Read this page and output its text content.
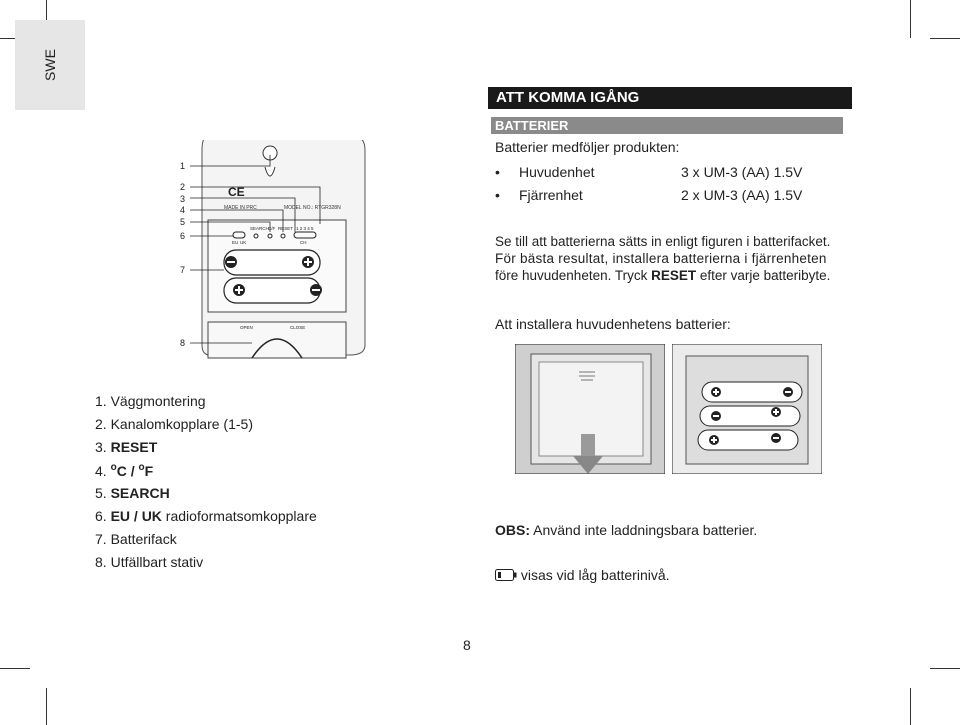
SWE
ATT KOMMA IGÅNG
BATTERIER
Batterier medföljer produkten:
• Huvudenhet	3 x UM-3 (AA) 1.5V
• Fjärrenhet	2 x UM-3 (AA) 1.5V
Se till att batterierna sätts in enligt figuren i batterifacket.
För bästa resultat, installera batterierna i fjärrenheten
före huvudenheten. Tryck RESET efter varje batteribyte.
Att installera huvudenhetens batterier:
1
2
3
4
5
6
7
8
CE
MADE IN PRC	MODEL NO.: RTGR328N
SEARCH C/F RESET 1 2 3 4 5
EU UK	CH
OPEN	CLOSE
1. Väggmontering
2. Kanalomkopplare (1-5)
3. RESET
4. $^o$C / $^o$F
5. SEARCH
6. EU / UK radioformatsomkopplare
7. Batterifack
8. Utfällbart stativ
OBS: Använd inte laddningsbara batterier.
visas vid låg batterinivå.
8
